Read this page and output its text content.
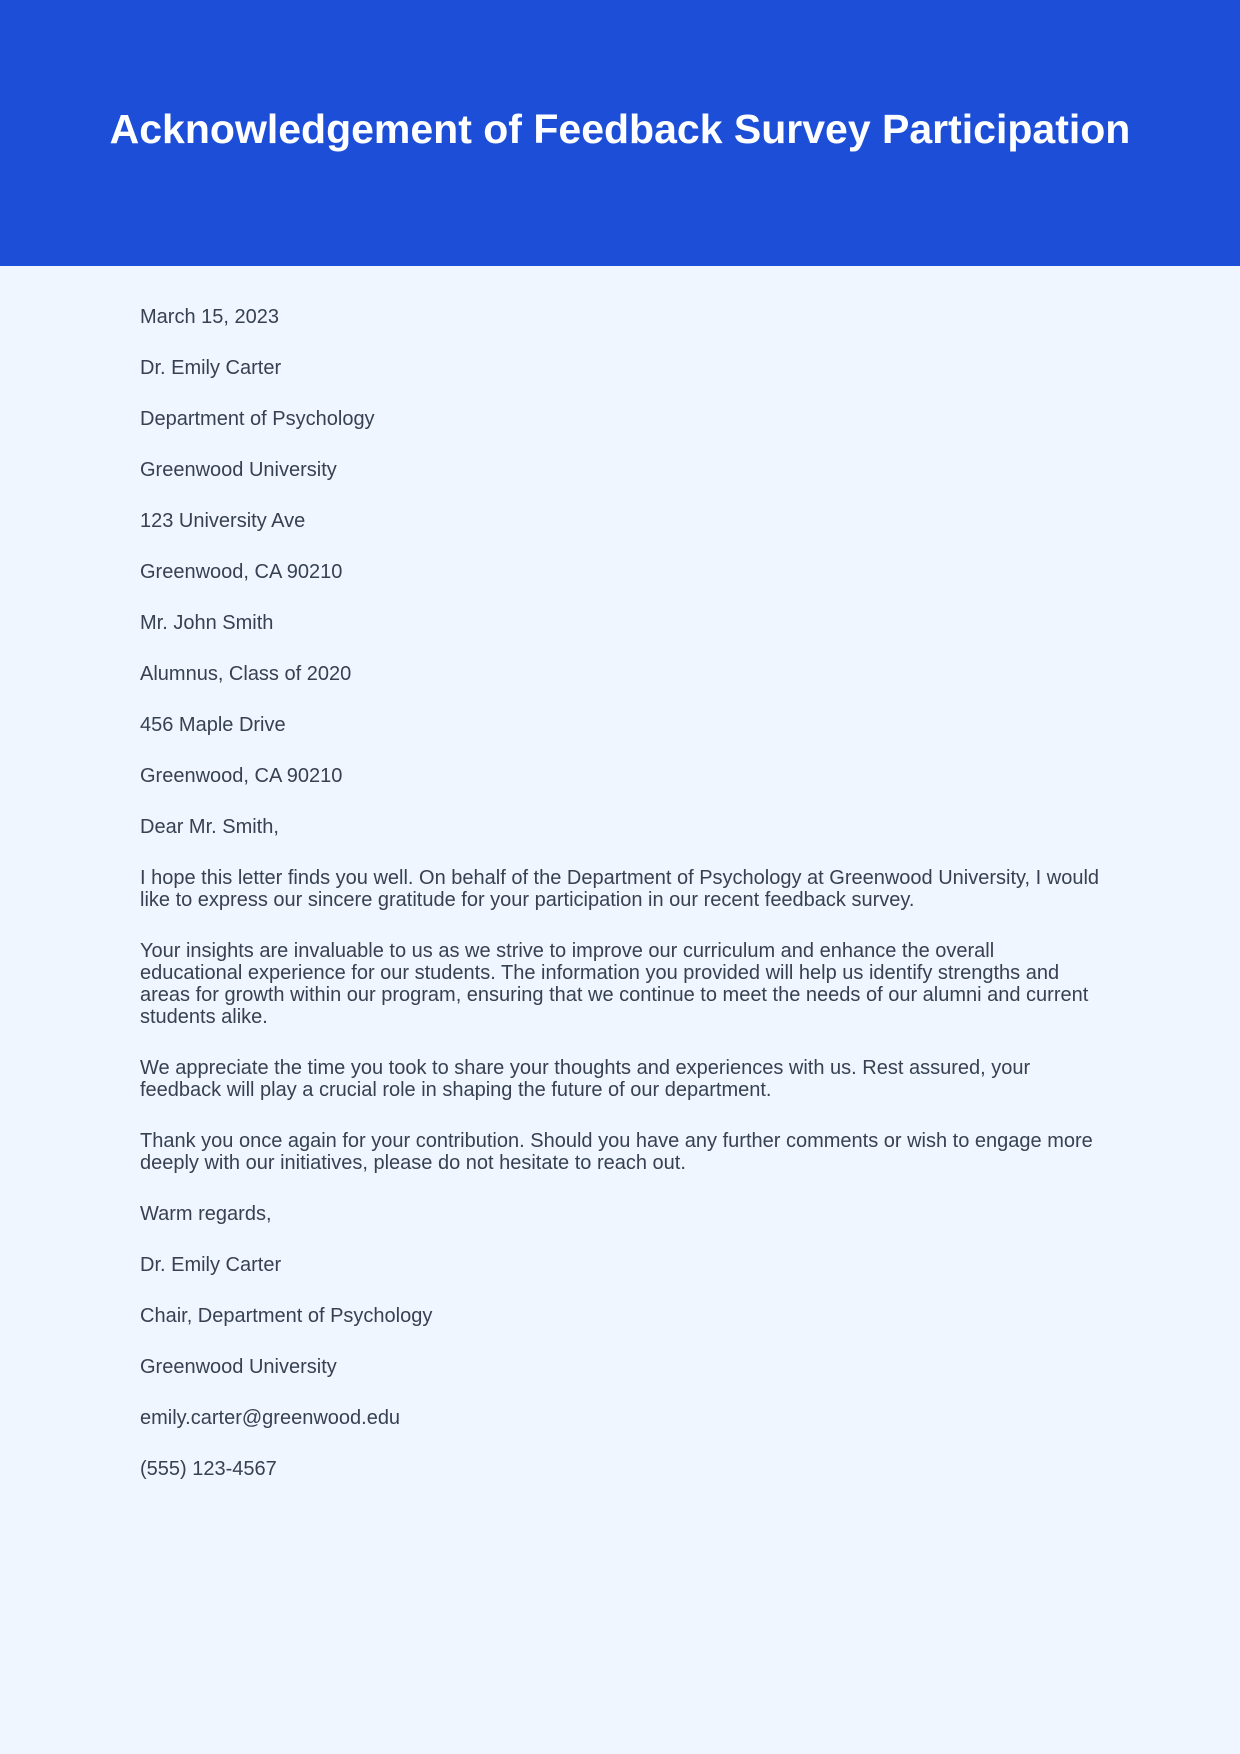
Acknowledgement of Feedback Survey Participation
March 15, 2023
Dr. Emily Carter
Department of Psychology
Greenwood University
123 University Ave
Greenwood, CA 90210
Mr. John Smith
Alumnus, Class of 2020
456 Maple Drive
Greenwood, CA 90210
Dear Mr. Smith,
I hope this letter finds you well. On behalf of the Department of Psychology at Greenwood University, I would like to express our sincere gratitude for your participation in our recent feedback survey.
Your insights are invaluable to us as we strive to improve our curriculum and enhance the overall educational experience for our students. The information you provided will help us identify strengths and areas for growth within our program, ensuring that we continue to meet the needs of our alumni and current students alike.
We appreciate the time you took to share your thoughts and experiences with us. Rest assured, your feedback will play a crucial role in shaping the future of our department.
Thank you once again for your contribution. Should you have any further comments or wish to engage more deeply with our initiatives, please do not hesitate to reach out.
Warm regards,
Dr. Emily Carter
Chair, Department of Psychology
Greenwood University
emily.carter@greenwood.edu
(555) 123-4567
